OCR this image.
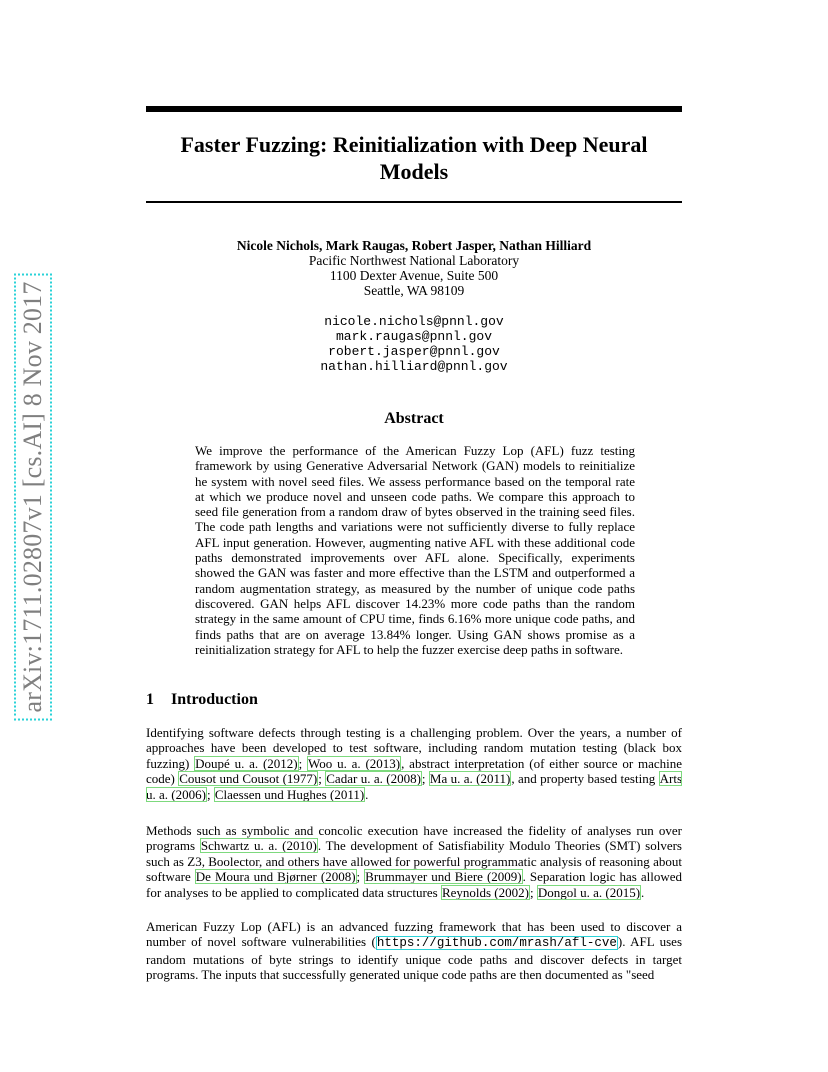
arXiv:1711.02807v1 [cs.AI] 8 Nov 2017
Faster Fuzzing: Reinitialization with Deep Neural Models
Nicole Nichols, Mark Raugas, Robert Jasper, Nathan Hilliard
Pacific Northwest National Laboratory
1100 Dexter Avenue, Suite 500
Seattle, WA 98109
nicole.nichols@pnnl.gov
mark.raugas@pnnl.gov
robert.jasper@pnnl.gov
nathan.hilliard@pnnl.gov
Abstract

We improve the performance of the American Fuzzy Lop (AFL) fuzz testing framework by using Generative Adversarial Network (GAN) models to reinitialize he system with novel seed files. We assess performance based on the temporal rate at which we produce novel and unseen code paths. We compare this approach to seed file generation from a random draw of bytes observed in the training seed files. The code path lengths and variations were not sufficiently diverse to fully replace AFL input generation. However, augmenting native AFL with these additional code paths demonstrated improvements over AFL alone. Specifically, experiments showed the GAN was faster and more effective than the LSTM and outperformed a random augmentation strategy, as measured by the number of unique code paths discovered. GAN helps AFL discover 14.23% more code paths than the random strategy in the same amount of CPU time, finds 6.16% more unique code paths, and finds paths that are on average 13.84% longer. Using GAN shows promise as a reinitialization strategy for AFL to help the fuzzer exercise deep paths in software.

1 Introduction

Identifying software defects through testing is a challenging problem. Over the years, a number of approaches have been developed to test software, including random mutation testing (black box fuzzing) Doupé u. a. (2012); Woo u. a. (2013), abstract interpretation (of either source or machine code) Cousot und Cousot (1977); Cadar u. a. (2008); Ma u. a. (2011), and property based testing Arts u. a. (2006); Claessen und Hughes (2011).

Methods such as symbolic and concolic execution have increased the fidelity of analyses run over programs Schwartz u. a. (2010). The development of Satisfiability Modulo Theories (SMT) solvers such as Z3, Boolector, and others have allowed for powerful programmatic analysis of reasoning about software De Moura und Bjørner (2008); Brummayer und Biere (2009). Separation logic has allowed for analyses to be applied to complicated data structures Reynolds (2002); Dongol u. a. (2015).

American Fuzzy Lop (AFL) is an advanced fuzzing framework that has been used to discover a number of novel software vulnerabilities (https://github.com/mrash/afl-cve). AFL uses random mutations of byte strings to identify unique code paths and discover defects in target programs. The inputs that successfully generated unique code paths are then documented as "seed
